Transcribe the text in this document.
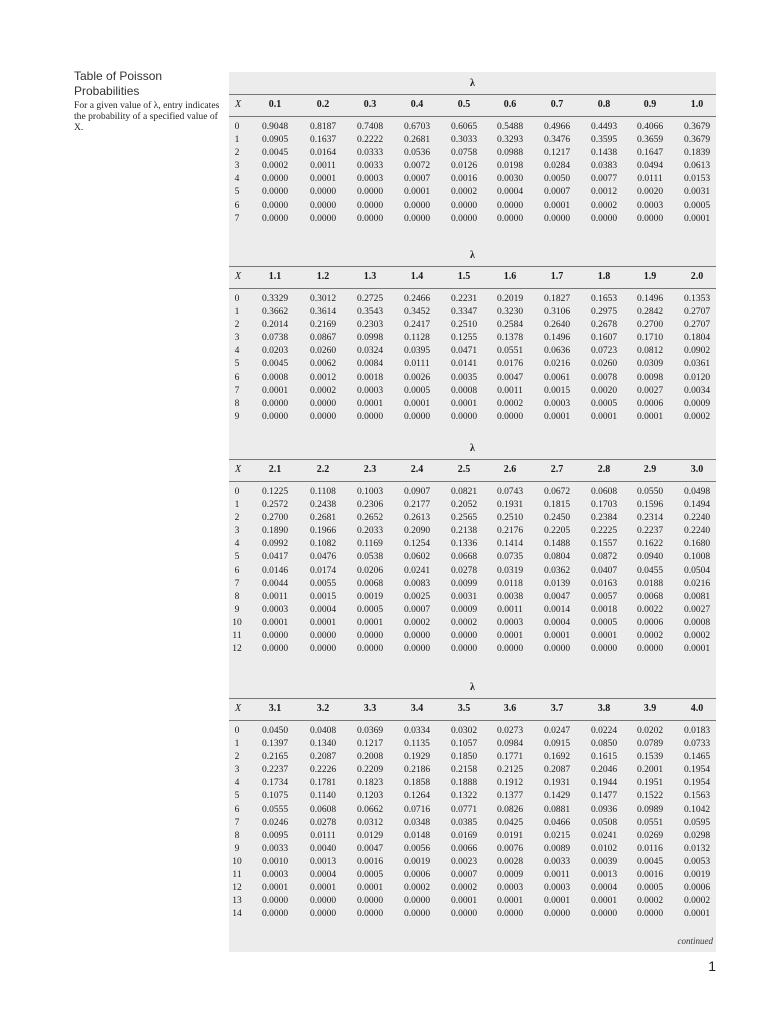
Table of Poisson Probabilities
For a given value of λ, entry indicates the probability of a specified value of X.
λ
X	0.1	0.2	0.3	0.4	0.5	0.6	0.7	0.8	0.9	1.0
0	0.9048	0.8187	0.7408	0.6703	0.6065	0.5488	0.4966	0.4493	0.4066	0.3679
1	0.0905	0.1637	0.2222	0.2681	0.3033	0.3293	0.3476	0.3595	0.3659	0.3679
2	0.0045	0.0164	0.0333	0.0536	0.0758	0.0988	0.1217	0.1438	0.1647	0.1839
3	0.0002	0.0011	0.0033	0.0072	0.0126	0.0198	0.0284	0.0383	0.0494	0.0613
4	0.0000	0.0001	0.0003	0.0007	0.0016	0.0030	0.0050	0.0077	0.0111	0.0153
5	0.0000	0.0000	0.0000	0.0001	0.0002	0.0004	0.0007	0.0012	0.0020	0.0031
6	0.0000	0.0000	0.0000	0.0000	0.0000	0.0000	0.0001	0.0002	0.0003	0.0005
7	0.0000	0.0000	0.0000	0.0000	0.0000	0.0000	0.0000	0.0000	0.0000	0.0001
λ
X	1.1	1.2	1.3	1.4	1.5	1.6	1.7	1.8	1.9	2.0
0	0.3329	0.3012	0.2725	0.2466	0.2231	0.2019	0.1827	0.1653	0.1496	0.1353
1	0.3662	0.3614	0.3543	0.3452	0.3347	0.3230	0.3106	0.2975	0.2842	0.2707
2	0.2014	0.2169	0.2303	0.2417	0.2510	0.2584	0.2640	0.2678	0.2700	0.2707
3	0.0738	0.0867	0.0998	0.1128	0.1255	0.1378	0.1496	0.1607	0.1710	0.1804
4	0.0203	0.0260	0.0324	0.0395	0.0471	0.0551	0.0636	0.0723	0.0812	0.0902
5	0.0045	0.0062	0.0084	0.0111	0.0141	0.0176	0.0216	0.0260	0.0309	0.0361
6	0.0008	0.0012	0.0018	0.0026	0.0035	0.0047	0.0061	0.0078	0.0098	0.0120
7	0.0001	0.0002	0.0003	0.0005	0.0008	0.0011	0.0015	0.0020	0.0027	0.0034
8	0.0000	0.0000	0.0001	0.0001	0.0001	0.0002	0.0003	0.0005	0.0006	0.0009
9	0.0000	0.0000	0.0000	0.0000	0.0000	0.0000	0.0001	0.0001	0.0001	0.0002
λ
X	2.1	2.2	2.3	2.4	2.5	2.6	2.7	2.8	2.9	3.0
0	0.1225	0.1108	0.1003	0.0907	0.0821	0.0743	0.0672	0.0608	0.0550	0.0498
1	0.2572	0.2438	0.2306	0.2177	0.2052	0.1931	0.1815	0.1703	0.1596	0.1494
2	0.2700	0.2681	0.2652	0.2613	0.2565	0.2510	0.2450	0.2384	0.2314	0.2240
3	0.1890	0.1966	0.2033	0.2090	0.2138	0.2176	0.2205	0.2225	0.2237	0.2240
4	0.0992	0.1082	0.1169	0.1254	0.1336	0.1414	0.1488	0.1557	0.1622	0.1680
5	0.0417	0.0476	0.0538	0.0602	0.0668	0.0735	0.0804	0.0872	0.0940	0.1008
6	0.0146	0.0174	0.0206	0.0241	0.0278	0.0319	0.0362	0.0407	0.0455	0.0504
7	0.0044	0.0055	0.0068	0.0083	0.0099	0.0118	0.0139	0.0163	0.0188	0.0216
8	0.0011	0.0015	0.0019	0.0025	0.0031	0.0038	0.0047	0.0057	0.0068	0.0081
9	0.0003	0.0004	0.0005	0.0007	0.0009	0.0011	0.0014	0.0018	0.0022	0.0027
10	0.0001	0.0001	0.0001	0.0002	0.0002	0.0003	0.0004	0.0005	0.0006	0.0008
11	0.0000	0.0000	0.0000	0.0000	0.0000	0.0001	0.0001	0.0001	0.0002	0.0002
12	0.0000	0.0000	0.0000	0.0000	0.0000	0.0000	0.0000	0.0000	0.0000	0.0001
λ
X	3.1	3.2	3.3	3.4	3.5	3.6	3.7	3.8	3.9	4.0
0	0.0450	0.0408	0.0369	0.0334	0.0302	0.0273	0.0247	0.0224	0.0202	0.0183
1	0.1397	0.1340	0.1217	0.1135	0.1057	0.0984	0.0915	0.0850	0.0789	0.0733
2	0.2165	0.2087	0.2008	0.1929	0.1850	0.1771	0.1692	0.1615	0.1539	0.1465
3	0.2237	0.2226	0.2209	0.2186	0.2158	0.2125	0.2087	0.2046	0.2001	0.1954
4	0.1734	0.1781	0.1823	0.1858	0.1888	0.1912	0.1931	0.1944	0.1951	0.1954
5	0.1075	0.1140	0.1203	0.1264	0.1322	0.1377	0.1429	0.1477	0.1522	0.1563
6	0.0555	0.0608	0.0662	0.0716	0.0771	0.0826	0.0881	0.0936	0.0989	0.1042
7	0.0246	0.0278	0.0312	0.0348	0.0385	0.0425	0.0466	0.0508	0.0551	0.0595
8	0.0095	0.0111	0.0129	0.0148	0.0169	0.0191	0.0215	0.0241	0.0269	0.0298
9	0.0033	0.0040	0.0047	0.0056	0.0066	0.0076	0.0089	0.0102	0.0116	0.0132
10	0.0010	0.0013	0.0016	0.0019	0.0023	0.0028	0.0033	0.0039	0.0045	0.0053
11	0.0003	0.0004	0.0005	0.0006	0.0007	0.0009	0.0011	0.0013	0.0016	0.0019
12	0.0001	0.0001	0.0001	0.0002	0.0002	0.0003	0.0003	0.0004	0.0005	0.0006
13	0.0000	0.0000	0.0000	0.0000	0.0001	0.0001	0.0001	0.0001	0.0002	0.0002
14	0.0000	0.0000	0.0000	0.0000	0.0000	0.0000	0.0000	0.0000	0.0000	0.0001
continued
1
